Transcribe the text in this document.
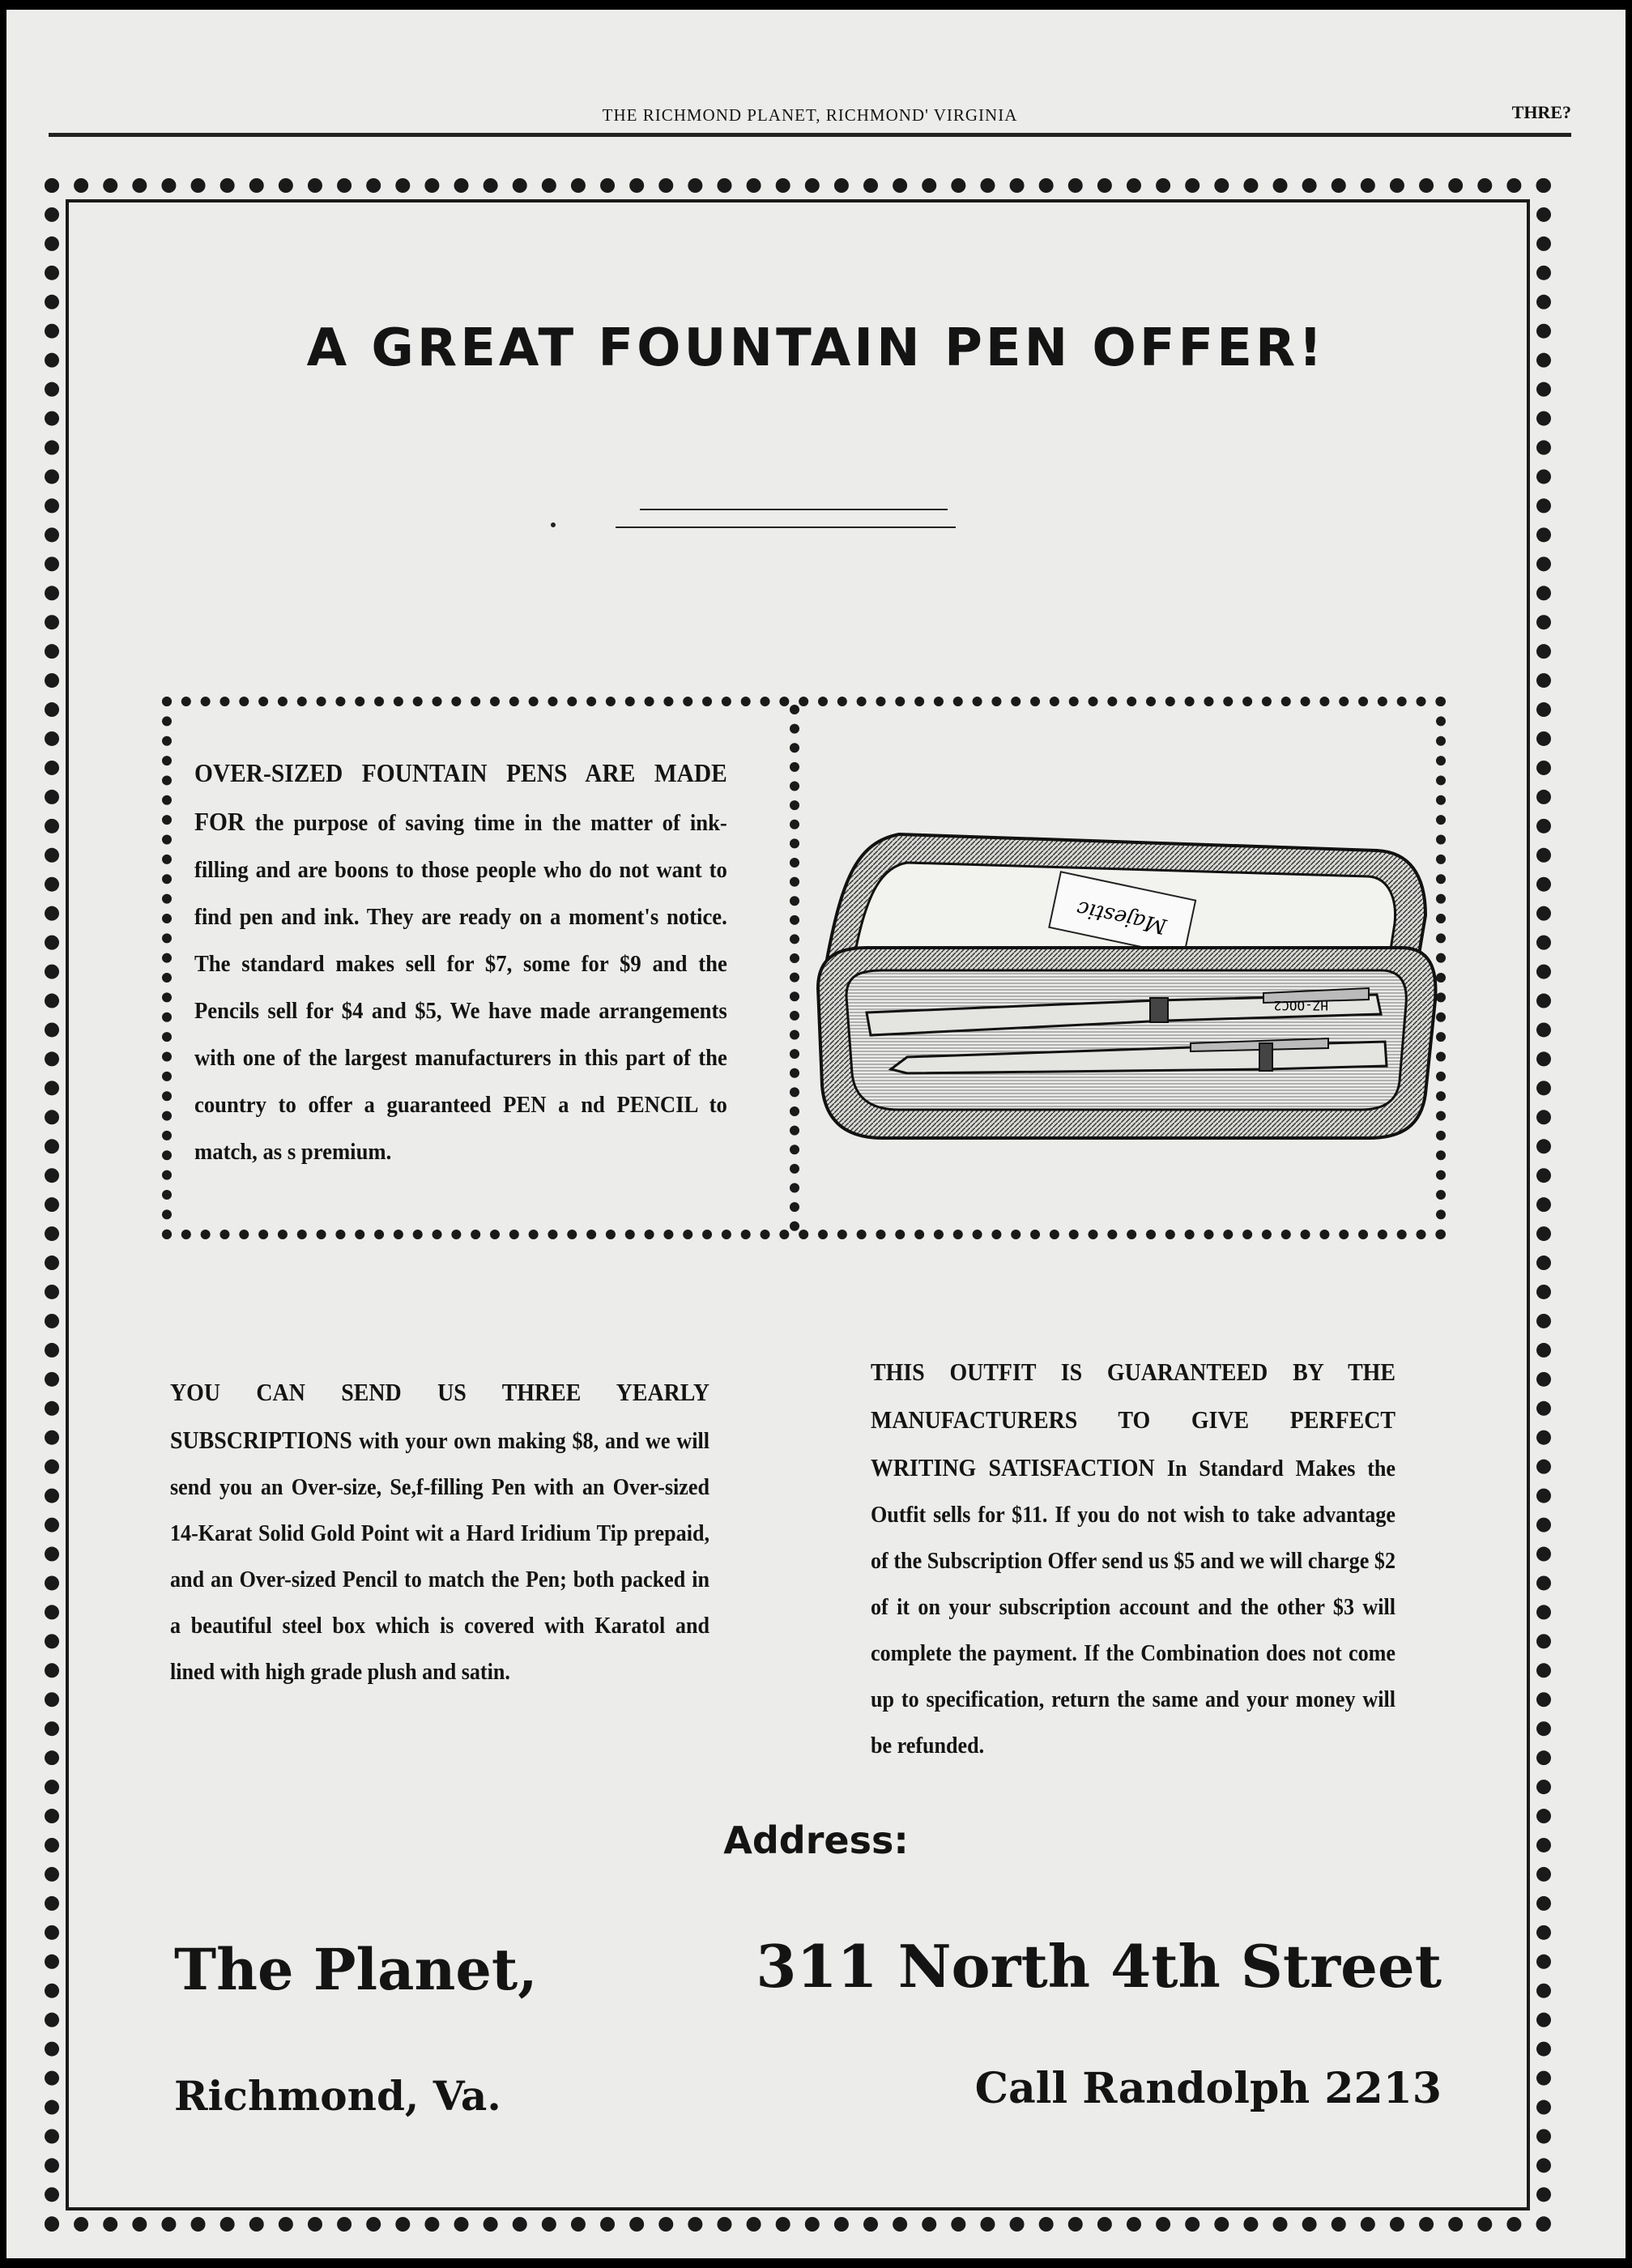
THE RICHMOND PLANET, RICHMOND' VIRGINIA	THRE?
A GREAT FOUNTAIN PEN OFFER!
OVER-SIZED FOUNTAIN PENS ARE MADE FOR the purpose of saving time in the matter of ink-filling and are boons to those people who do not want to find pen and ink. They are ready on a moment's notice. The standard makes sell for $7, some for $9 and the Pencils sell for $4 and $5, We have made arrangements with one of the largest manufacturers in this part of the country to offer a guaranteed PEN a nd PENCIL to match, as s premium.
Majestic
HZ-OOC2
YOU CAN SEND US THREE YEARLY SUBSCRIPTIONS with your own making $8, and we will send you an Over-size, Se,f-filling Pen with an Over-sized 14-Karat Solid Gold Point wit a Hard Iridium Tip prepaid, and an Over-sized Pencil to match the Pen; both packed in a beautiful steel box which is covered with Karatol and lined with high grade plush and satin.
THIS OUTFIT IS GUARANTEED BY THE MANUFACTURERS TO GIVE PERFECT WRITING SATISFACTION In Standard Makes the Outfit sells for $11. If you do not wish to take advantage of the Subscription Offer send us $5 and we will charge $2 of it on your subscription account and the other $3 will complete the payment. If the Combination does not come up to specification, return the same and your money will be refunded.
Address:
The Planet,	311 North 4th Street
Richmond, Va.	Call Randolph 2213
